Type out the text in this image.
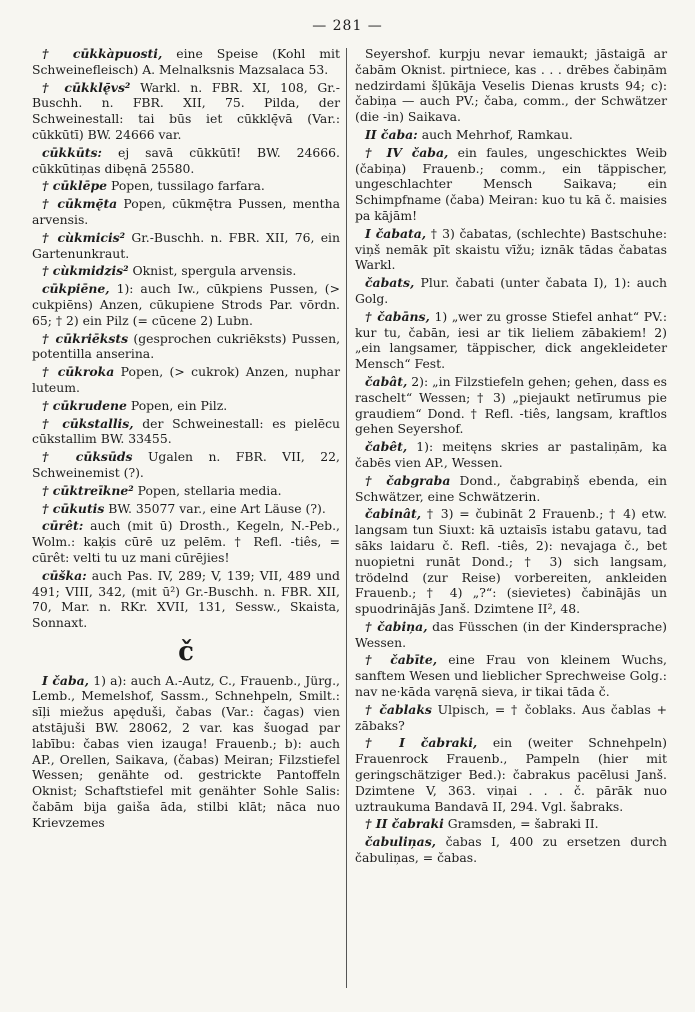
— 281 —

† cūkkàpuosti, eine Speise (Kohl mit Schweinefleisch) A. Melnalksnis Mazsalaca 53.

† cūkklę̄vs² Warkl. n. FBR. XI, 108, Gr.-Buschh. n. FBR. XII, 75. Pilda, der Schweinestall: tai būs iet cūkklę̄vā (Var.: cūkkūtī) BW. 24666 var.

cūkkūts: ej savā cūkkūtī! BW. 24666. cūkkūtiņas dibęnā 25580.

† cūklēpe Popen, tussilago farfara.

† cūkmę̄ta Popen, cūkmę̄tra Pussen, mentha arvensis.

† cùkmicis² Gr.-Buschh. n. FBR. XII, 76, ein Gartenunkraut.

† cùkmidzis² Oknist, spergula arvensis.

cūkpiēne, 1): auch Iw., cūkpiens Pussen, (> cukpiēns) Anzen, cūkupiene Strods Par. vōrdn. 65; † 2) ein Pilz (= cūcene 2) Lubn.

† cūkriēksts (gesprochen cukriēksts) Pussen, potentilla anserina.

† cūkroka Popen, (> cukrok) Anzen, nuphar luteum.

† cūkrudene Popen, ein Pilz.

† cūkstallis, der Schweinestall: es pielēcu cūkstallim BW. 33455.

† cūksūds Ugalen n. FBR. VII, 22, Schweinemist (?).

† cūktreīkne² Popen, stellaria media.

† cūkutis BW. 35077 var., eine Art Läuse (?).

cūrêt: auch (mit ū) Drosth., Kegeln, N.-Peb., Wolm.: kaķis cūrē uz pelēm. † Refl. -tiês, = cūrêt: velti tu uz mani cūrējies!

cūška: auch Pas. IV, 289; V, 139; VII, 489 und 491; VIII, 342, (mit ū²) Gr.-Buschh. n. FBR. XII, 70, Mar. n. RKr. XVII, 131, Sessw., Skaista, Sonnaxt.

č

I čaba, 1) a): auch A.-Autz, C., Frauenb., Jürg., Lemb., Memelshof, Sassm., Schnehpeln, Smilt.: sīļi miežus apęduši, čabas (Var.: čagas) vien atstājuši BW. 28062, 2 var. kas šuogad par labību: čabas vien izauga! Frauenb.; b): auch AP., Orellen, Saikava, (čabas) Meiran; Filzstiefel Wessen; genähte od. gestrickte Pantoffeln Oknist; Schaftstiefel mit genähter Sohle Salis: čabām bija gaiša āda, stilbi klāt; nāca nuo Krievzemes

Seyershof. kurpju nevar iemaukt; jāstaigā ar čabām Oknist. pirtniece, kas . . . drēbes čabiņām nedzirdami šļūkāja Veselis Dienas krusts 94; c): čabiņa — auch PV.; čaba, comm., der Schwätzer (die -in) Saikava.

II čaba: auch Mehrhof, Ramkau.

† IV čaba, ein faules, ungeschicktes Weib (čabiņa) Frauenb.; comm., ein täppischer, ungeschlachter Mensch Saikava; ein Schimpfname (čaba) Meiran: kuo tu kā č. maisies pa kājām!

I čabata, † 3) čabatas, (schlechte) Bastschuhe: viņš nemāk pīt skaistu vīžu; iznāk tādas čabatas Warkl.

čabats, Plur. čabati (unter čabata I), 1): auch Golg.

† čabāns, 1) „wer zu grosse Stiefel anhat“ PV.: kur tu, čabān, iesi ar tik lieliem zābakiem! 2) „ein langsamer, täppischer, dick angekleideter Mensch“ Fest.

čabât, 2): „in Filzstiefeln gehen; gehen, dass es raschelt“ Wessen; † 3) „piejaukt netīrumus pie graudiem“ Dond. † Refl. -tiês, langsam, kraftlos gehen Seyershof.

čabêt, 1): meitęns skries ar pastaliņām, ka čabēs vien AP., Wessen.

† čabgraba Dond., čabgrabiņš ebenda, ein Schwätzer, eine Schwätzerin.

čabinât, † 3) = čubināt 2 Frauenb.; † 4) etw. langsam tun Siuxt: kā uztaisīs istabu gatavu, tad sāks laidaru č. Refl. -tiês, 2): nevajaga č., bet nuopietni runāt Dond.; † 3) sich langsam, trödelnd (zur Reise) vorbereiten, ankleiden Frauenb.; † 4) „?“: (sievietes) čabinājās un spuodrinājās Janš. Dzimtene II², 48.

† čabiņa, das Füsschen (in der Kindersprache) Wessen.

† čabīte, eine Frau von kleinem Wuchs, sanftem Wesen und lieblicher Sprechweise Golg.: nav ne·kāda varęnā sieva, ir tikai tāda č.

† čablaks Ulpisch, = † čoblaks. Aus čablas + zābaks?

† I čabraki, ein (weiter Schnehpeln) Frauenrock Frauenb., Pampeln (hier mit geringschätziger Bed.): čabrakus pacēlusi Janš. Dzimtene V, 363. viņai . . . č. pārāk nuo uztraukuma Bandavā II, 294. Vgl. šabraks.

† II čabraki Gramsden, = šabraki II.

čabuliņas, čabas I, 400 zu ersetzen durch čabuliņas, = čabas.
